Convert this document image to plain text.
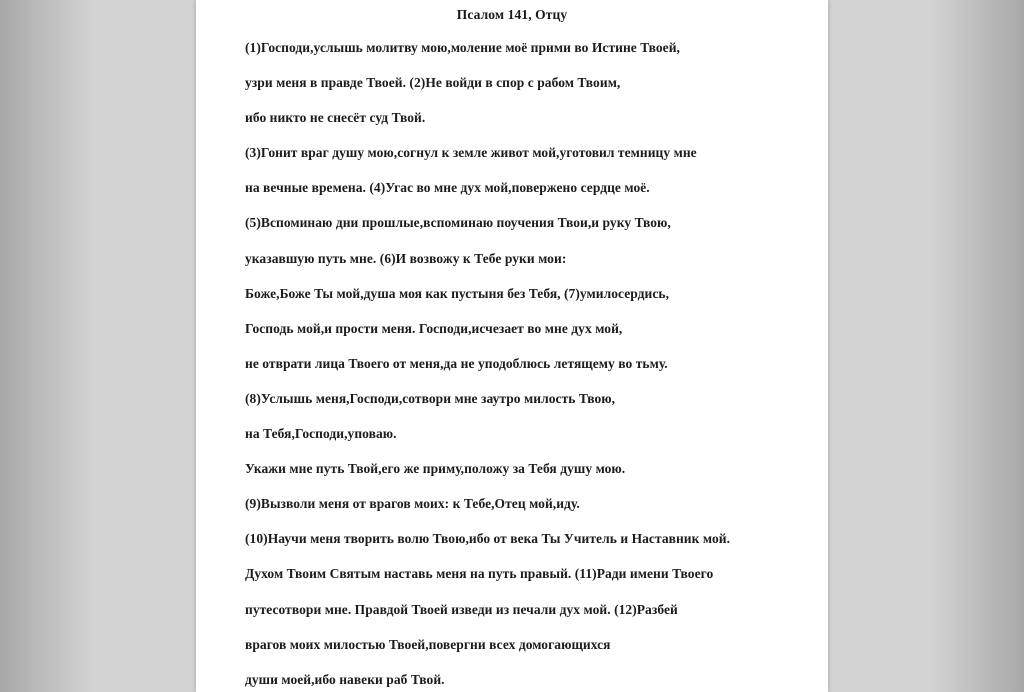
Псалом 141, Отцу
(1)Господи,услышь молитву мою,моление моё прими во Истине Твоей,
узри меня в правде Твоей. (2)Не войди в спор с рабом Твоим,
ибо никто не снесёт суд Твой.
(3)Гонит враг душу мою,согнул к земле живот мой,уготовил темницу мне
на вечные времена. (4)Угас во мне дух мой,повержено сердце моё.
(5)Вспоминаю дни прошлые,вспоминаю поучения Твои,и руку Твою,
указавшую путь мне. (6)И возвожу к Тебе руки мои:
Боже,Боже Ты мой,душа моя как пустыня без Тебя, (7)умилосердись,
Господь мой,и прости меня. Господи,исчезает во мне дух мой,
не отврати лица Твоего от меня,да не уподоблюсь летящему во тьму.
(8)Услышь меня,Господи,сотвори мне заутро милость Твою,
на Тебя,Господи,уповаю.
Укажи мне путь Твой,его же приму,положу за Тебя душу мою.
(9)Вызволи меня от врагов моих: к Тебе,Отец мой,иду.
(10)Научи меня творить волю Твою,ибо от века Ты Учитель и Наставник мой.
Духом Твоим Святым наставь меня на путь правый. (11)Ради имени Твоего
путесотвори мне. Правдой Твоей изведи из печали дух мой. (12)Разбей
врагов моих милостью Твоей,повергни всех домогающихся
души моей,ибо навеки раб Твой.
